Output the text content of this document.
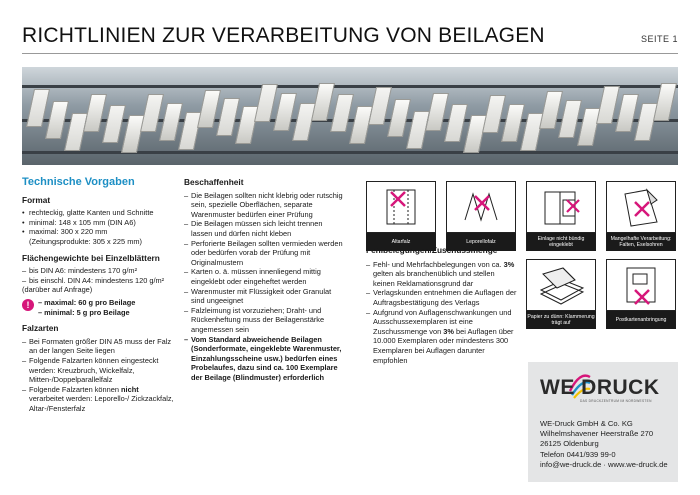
RICHTLINIEN ZUR VERARBEITUNG VON BEILAGEN	SEITE 1
Technische Vorgaben
Format
• rechteckig, glatte Kanten und Schnitte
• minimal: 148 x 105 mm (DIN A6)
• maximal: 300 x 220 mm
(Zeitungsprodukte: 305 x 225 mm)
Flächengewichte bei Einzelblättern
– bis DIN A6: mindestens 170 g/m²
– bis einschl. DIN A4: mindestens 120 g/m²
(darüber auf Anfrage)
!	– maximal: 60 g pro Beilage
– minimal: 5 g pro Beilage
Falzarten
– Bei Formaten größer DIN A5 muss der Falz an der langen Seite liegen
– Folgende Falzarten können eingesteckt werden: Kreuzbruch, Wickelfalz, Mitten-/Doppelparallelfalz
– Folgende Falzarten können nicht verarbeitet werden: Leporello-/ Zickzackfalz, Altar-/Fensterfalz
Beschaffenheit
– Die Beilagen sollten nicht klebrig oder rutschig sein, spezielle Oberflächen, separate Warenmuster bedürfen einer Prüfung
– Die Beilagen müssen sich leicht trennen lassen und dürfen nicht kleben
– Perforierte Beilagen sollten vermieden werden oder bedürfen vorab der Prüfung mit Originalmustern
– Karten o. ä. müssen innenliegend mittig eingeklebt oder eingeheftet werden
– Warenmuster mit Flüssigkeit oder Granulat sind ungeeignet
– Falzleimung ist vorzuziehen; Draht- und Rückenheftung muss der Beilagenstärke angemessen sein
– Vom Standard abweichende Beilagen (Sonderformate, eingeklebte Warenmuster, Einzahlungsscheine usw.) bedürfen eines Probelaufes, dazu sind ca. 100 Exemplare der Beilage (Blindmuster) erforderlich
Altarfalz	Leporellofalz	Einlage nicht bündig eingeklebt
Mangelhafte Verarbeitung: Falten, Eselsohren
Papier zu dünn: Klammerung trägt auf
Postkartenanbringung
Fehlbelegungen/Zuschussmenge
– Fehl- und Mehrfachbelegungen von ca. 3% gelten als branchenüblich und stellen keinen Reklamationsgrund dar
– Verlagskunden entnehmen die Auflagen der Auftragsbestätigung des Verlags
– Aufgrund von Auflagenschwankungen und Ausschussexemplaren ist eine Zuschussmenge von 3% bei Auflagen über 10.000 Exemplaren oder mindestens 300 Exemplaren bei Auflagen darunter empfohlen
WE DRUCK
DAS DRUCKZENTRUM IM NORDWESTEN
WE-Druck GmbH & Co. KG
Wilhelmshavener Heerstraße 270
26125 Oldenburg
Telefon 0441/939 99-0
info@we-druck.de · www.we-druck.de
